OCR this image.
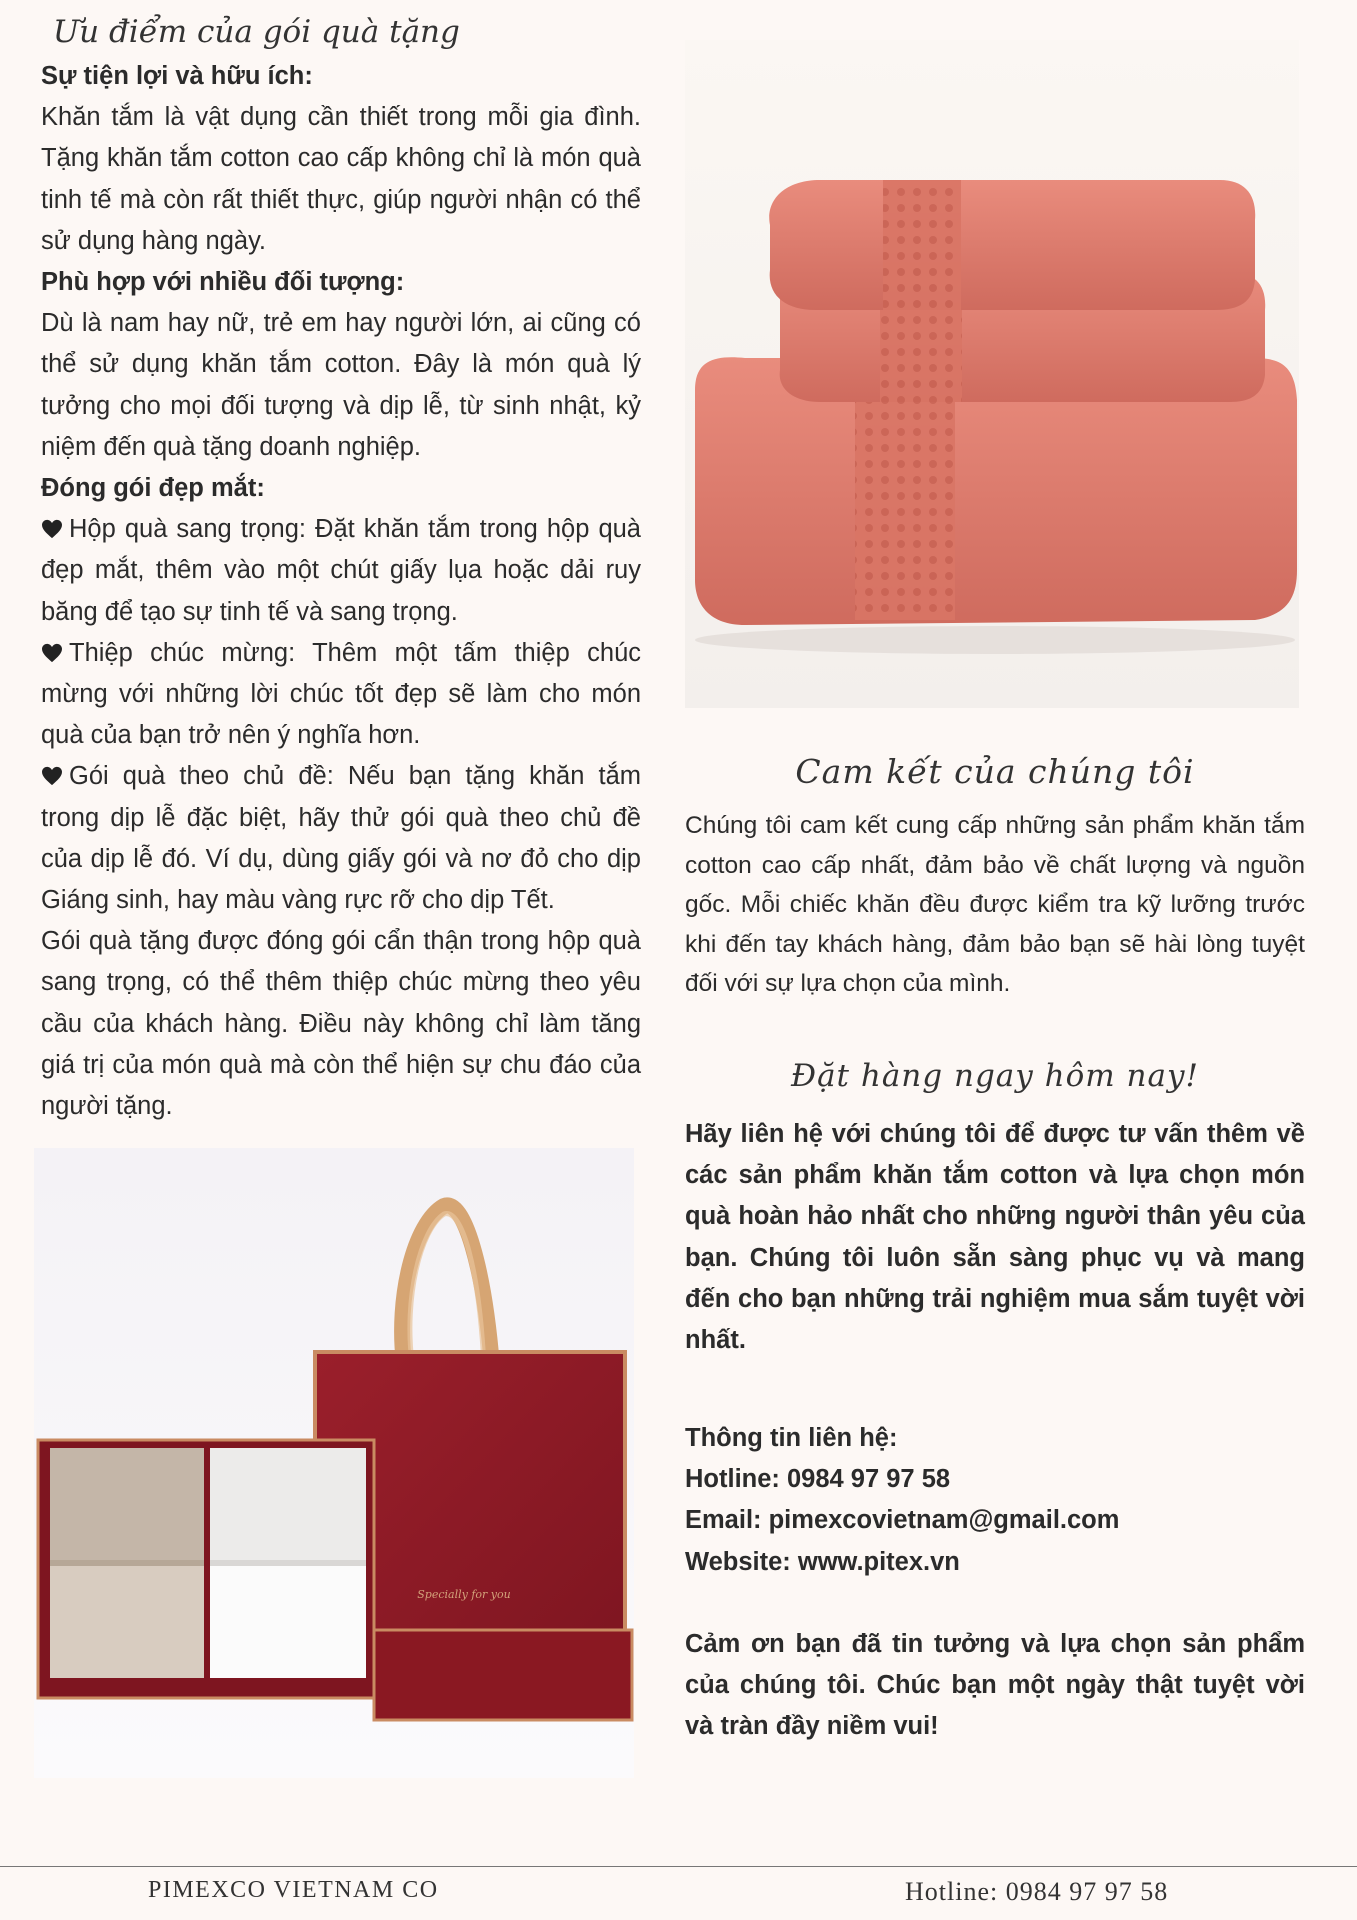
Ưu điểm của gói quà tặng

Sự tiện lợi và hữu ích:

Khăn tắm là vật dụng cần thiết trong mỗi gia đình. Tặng khăn tắm cotton cao cấp không chỉ là món quà tinh tế mà còn rất thiết thực, giúp người nhận có thể sử dụng hàng ngày.

Phù hợp với nhiều đối tượng:

Dù là nam hay nữ, trẻ em hay người lớn, ai cũng có thể sử dụng khăn tắm cotton. Đây là món quà lý tưởng cho mọi đối tượng và dịp lễ, từ sinh nhật, kỷ niệm đến quà tặng doanh nghiệp.

Đóng gói đẹp mắt:

Hộp quà sang trọng: Đặt khăn tắm trong hộp quà đẹp mắt, thêm vào một chút giấy lụa hoặc dải ruy băng để tạo sự tinh tế và sang trọng.

Thiệp chúc mừng: Thêm một tấm thiệp chúc mừng với những lời chúc tốt đẹp sẽ làm cho món quà của bạn trở nên ý nghĩa hơn.

Gói quà theo chủ đề: Nếu bạn tặng khăn tắm trong dịp lễ đặc biệt, hãy thử gói quà theo chủ đề của dịp lễ đó. Ví dụ, dùng giấy gói và nơ đỏ cho dịp Giáng sinh, hay màu vàng rực rỡ cho dịp Tết.

Gói quà tặng được đóng gói cẩn thận trong hộp quà sang trọng, có thể thêm thiệp chúc mừng theo yêu cầu của khách hàng. Điều này không chỉ làm tăng giá trị của món quà mà còn thể hiện sự chu đáo của người tặng.

Specially for you

Cam kết của chúng tôi

Chúng tôi cam kết cung cấp những sản phẩm khăn tắm cotton cao cấp nhất, đảm bảo về chất lượng và nguồn gốc. Mỗi chiếc khăn đều được kiểm tra kỹ lưỡng trước khi đến tay khách hàng, đảm bảo bạn sẽ hài lòng tuyệt đối với sự lựa chọn của mình.

Đặt hàng ngay hôm nay!

Hãy liên hệ với chúng tôi để được tư vấn thêm về các sản phẩm khăn tắm cotton và lựa chọn món quà hoàn hảo nhất cho những người thân yêu của bạn. Chúng tôi luôn sẵn sàng phục vụ và mang đến cho bạn những trải nghiệm mua sắm tuyệt vời nhất.

Thông tin liên hệ:

Hotline: 0984 97 97 58

Email: pimexcovietnam@gmail.com

Website: www.pitex.vn

Cảm ơn bạn đã tin tưởng và lựa chọn sản phẩm của chúng tôi. Chúc bạn một ngày thật tuyệt vời và tràn đầy niềm vui!

PIMEXCO VIETNAM CO	Hotline: 0984 97 97 58
